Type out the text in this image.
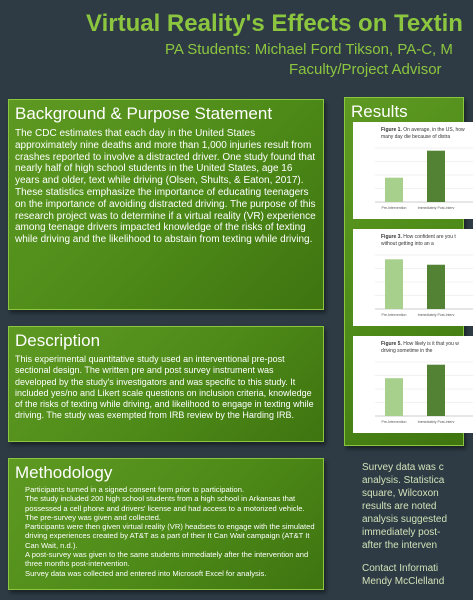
Virtual Reality's Effects on Textin
PA Students: Michael Ford Tikson, PA-C, M
Faculty/Project Advisor
Background & Purpose Statement

The CDC estimates that each day in the United States approximately nine deaths and more than 1,000 injuries result from crashes reported to involve a distracted driver. One study found that nearly half of high school students in the United States, age 16 years and older, text while driving (Olsen, Shults, & Eaton, 2017). These statistics emphasize the importance of educating teenagers on the importance of avoiding distracted driving. The purpose of this research project was to determine if a virtual reality (VR) experience among teenage drivers impacted knowledge of the risks of texting while driving and the likelihood to abstain from texting while driving.

Description

This experimental quantitative study used an interventional pre-post sectional design. The written pre and post survey instrument was developed by the study's investigators and was specific to this study. It included yes/no and Likert scale questions on inclusion criteria, knowledge of the risks of texting while driving, and likelihood to engage in texting while driving. The study was exempted from IRB review by the Harding IRB.

Methodology

Participants turned in a signed consent form prior to participation.

The study included 200 high school students from a high school in Arkansas that possessed a cell phone and drivers' license and had access to a motorized vehicle. The pre-survey was given and collected.

Participants were then given virtual reality (VR) headsets to engage with the simulated driving experiences created by AT&T as a part of their It Can Wait campaign (AT&T It Can Wait, n.d.).

A post-survey was given to the same students immediately after the intervention and three months post-intervention.

Survey data was collected and entered into Microsoft Excel for analysis.

Results
Figure 1. On average, in the US, how many day die because of distra
Pre-Intervention	Immediately Post-Interv
Figure 3. How confident are you t without getting into an a
Pre-Intervention	Immediately Post-Interv
Figure 5. How likely is it that you w driving sometime in the
Pre-Intervention	Immediately Post-Interv
Survey data was c
analysis. Statistica
square, Wilcoxon
results are noted
analysis suggested
immediately post-
after the interven
Contact Informati
Mendy McClelland
